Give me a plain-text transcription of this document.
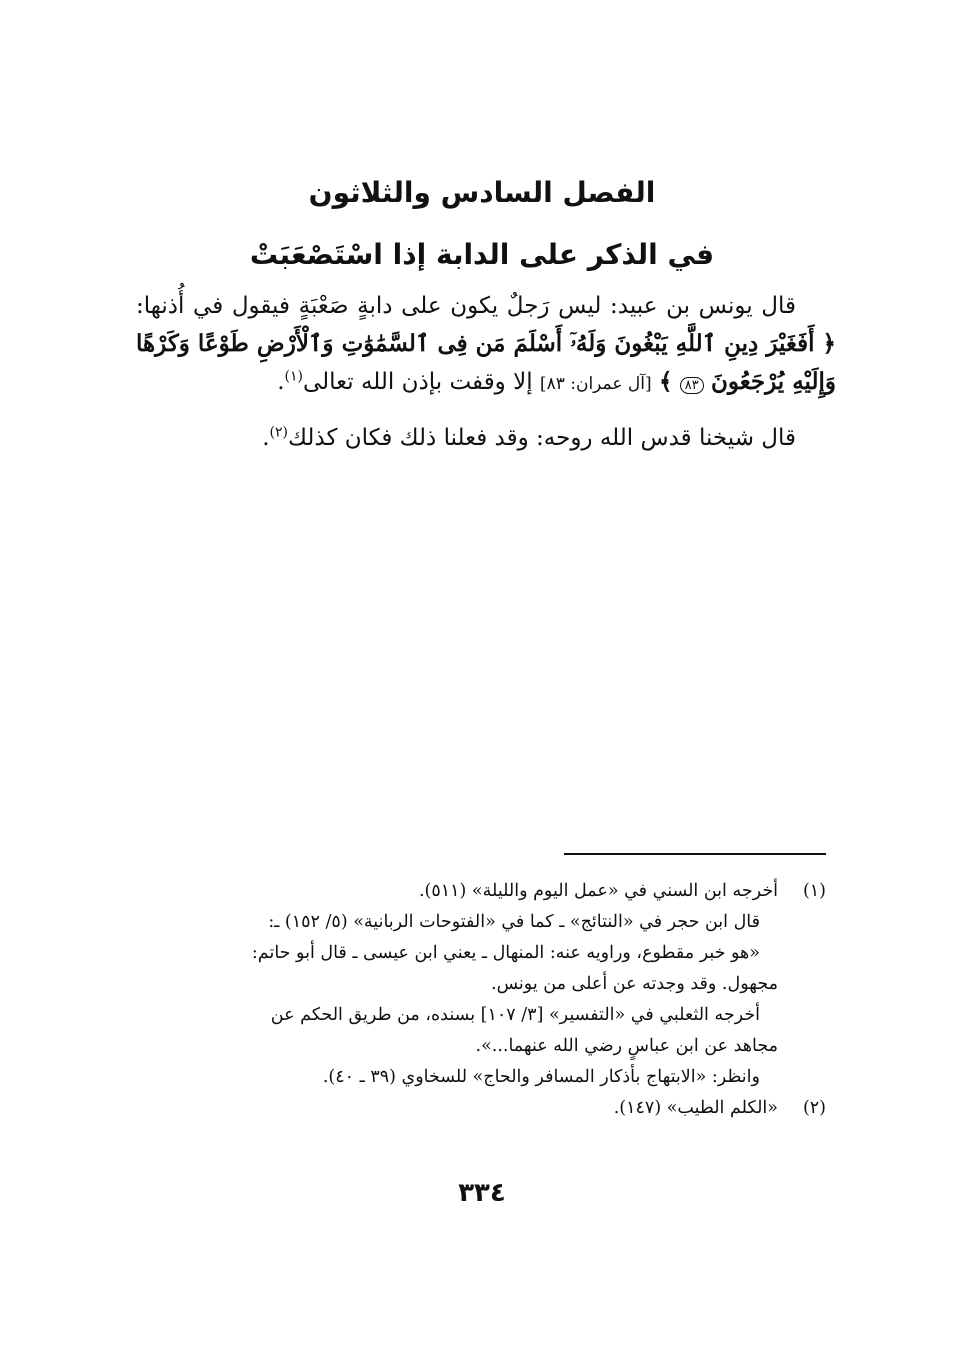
الفصل السادس والثلاثون

في الذكر على الدابة إذا اسْتَصْعَبَتْ

قال يونس بن عبيد: ليس رَجلٌ يكون على دابةٍ صَعْبَةٍ فيقول في أُذنها: ﴿ أَفَغَيْرَ دِينِ ٱللَّهِ يَبْغُونَ وَلَهُۥٓ أَسْلَمَ مَن فِى ٱلسَّمَٰوَٰتِ وَٱلْأَرْضِ طَوْعًا وَكَرْهًا وَإِلَيْهِ يُرْجَعُونَ ٨٣ ﴾ [آل عمران: ٨٣] إلا وقفت بإذن الله تعالى$^{(١)}$.

قال شيخنا قدس الله روحه: وقد فعلنا ذلك فكان كذلك$^{(٢)}$.

(١)
أخرجه ابن السني في «عمل اليوم والليلة» (٥١١).
قال ابن حجر في «النتائج» ـ كما في «الفتوحات الربانية» (٥/ ١٥٢) ـ:
«هو خبر مقطوع، وراويه عنه: المنهال ـ يعني ابن عيسى ـ قال أبو حاتم:
مجهول. وقد وجدته عن أعلى من يونس.
أخرجه الثعلبي في «التفسير» [٣/ ١٠٧] بسنده، من طريق الحكم عن
مجاهد عن ابن عباسٍ رضي الله عنهما...».
وانظر: «الابتهاج بأذكار المسافر والحاج» للسخاوي (٣٩ ـ ٤٠).
(٢)
«الكلم الطيب» (١٤٧).
٣٣٤
